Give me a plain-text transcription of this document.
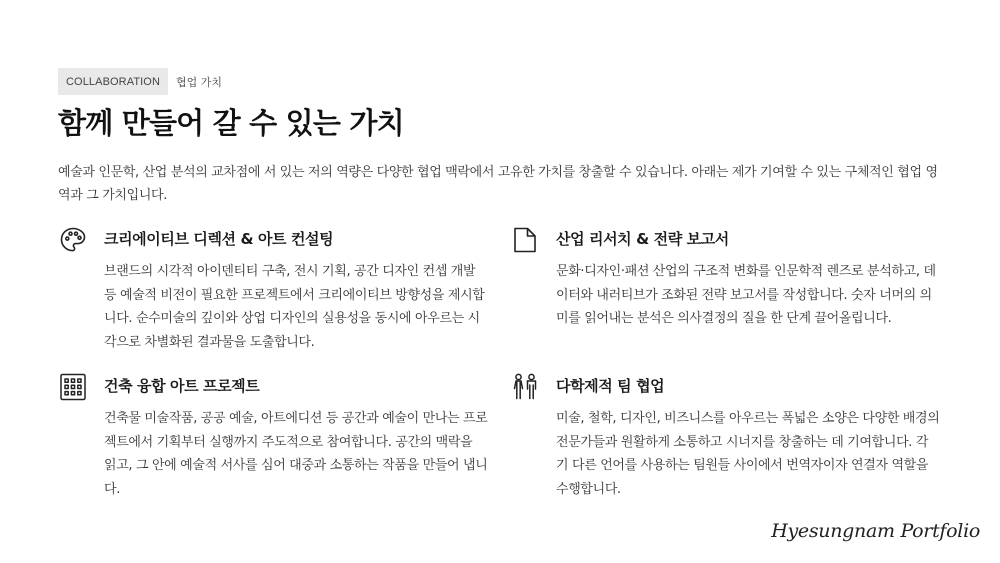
COLLABORATION	협업 가치
함께 만들어 갈 수 있는 가치
예술과 인문학, 산업 분석의 교차점에 서 있는 저의 역량은 다양한 협업 맥락에서 고유한 가치를 창출할 수 있습니다. 아래는 제가 기여할 수 있는 구체적인 협업 영역과 그 가치입니다.
크리에이티브 디렉션 & 아트 컨설팅
브랜드의 시각적 아이덴티티 구축, 전시 기획, 공간 디자인 컨셉 개발 등 예술적 비전이 필요한 프로젝트에서 크리에이티브 방향성을 제시합니다. 순수미술의 깊이와 상업 디자인의 실용성을 동시에 아우르는 시각으로 차별화된 결과물을 도출합니다.
산업 리서치 & 전략 보고서
문화·디자인·패션 산업의 구조적 변화를 인문학적 렌즈로 분석하고, 데이터와 내러티브가 조화된 전략 보고서를 작성합니다. 숫자 너머의 의미를 읽어내는 분석은 의사결정의 질을 한 단계 끌어올립니다.
건축 융합 아트 프로젝트
건축물 미술작품, 공공 예술, 아트에디션 등 공간과 예술이 만나는 프로젝트에서 기획부터 실행까지 주도적으로 참여합니다. 공간의 맥락을 읽고, 그 안에 예술적 서사를 심어 대중과 소통하는 작품을 만들어 냅니다.
다학제적 팀 협업
미술, 철학, 디자인, 비즈니스를 아우르는 폭넓은 소양은 다양한 배경의 전문가들과 원활하게 소통하고 시너지를 창출하는 데 기여합니다. 각기 다른 언어를 사용하는 팀원들 사이에서 번역자이자 연결자 역할을 수행합니다.
Hyesungnam Portfolio
